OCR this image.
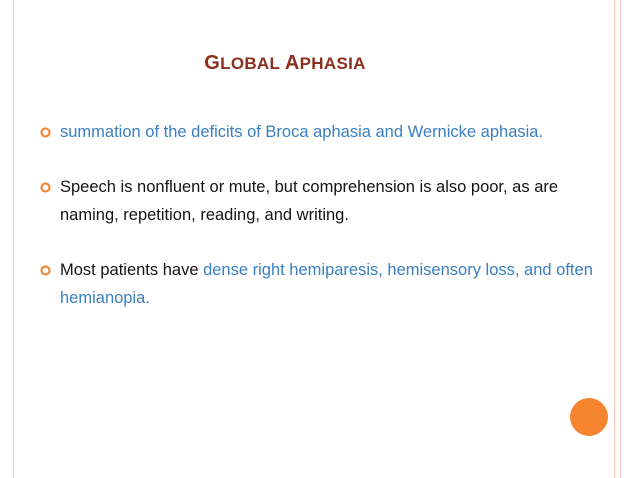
GLOBAL APHASIA
summation of the deficits of Broca aphasia and Wernicke aphasia.
Speech is nonfluent or mute, but comprehension is also poor, as are naming, repetition, reading, and writing.
Most patients have dense right hemiparesis, hemisensory loss, and often hemianopia.
